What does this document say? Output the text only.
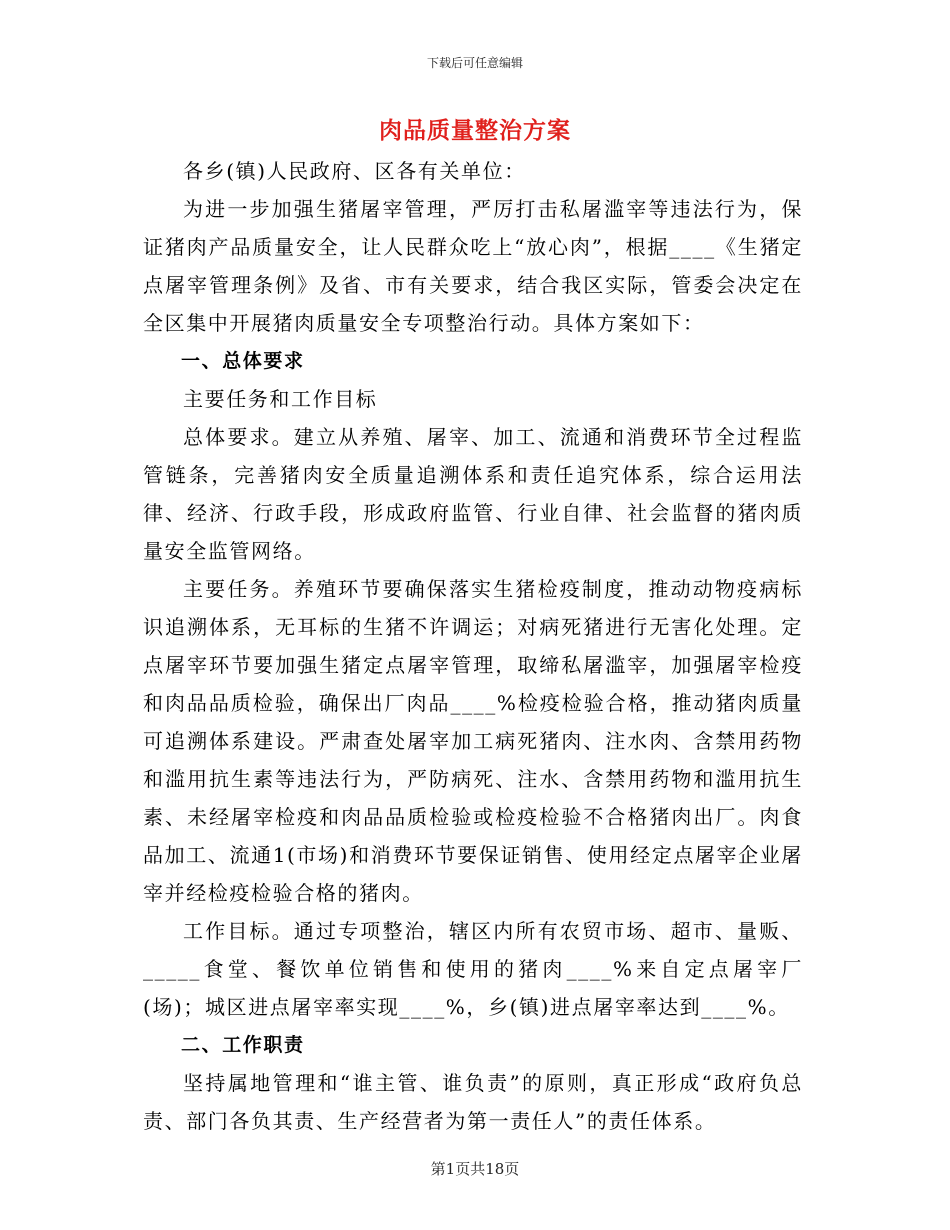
下载后可任意编辑
肉品质量整治方案

各乡(镇)人民政府、区各有关单位：

为进一步加强生猪屠宰管理，严厉打击私屠滥宰等违法行为，保证猪肉产品质量安全，让人民群众吃上“放心肉”，根据____《生猪定点屠宰管理条例》及省、市有关要求，结合我区实际，管委会决定在全区集中开展猪肉质量安全专项整治行动。具体方案如下：

一、总体要求

主要任务和工作目标

总体要求。建立从养殖、屠宰、加工、流通和消费环节全过程监管链条，完善猪肉安全质量追溯体系和责任追究体系，综合运用法律、经济、行政手段，形成政府监管、行业自律、社会监督的猪肉质量安全监管网络。

主要任务。养殖环节要确保落实生猪检疫制度，推动动物疫病标识追溯体系，无耳标的生猪不许调运；对病死猪进行无害化处理。定点屠宰环节要加强生猪定点屠宰管理，取缔私屠滥宰，加强屠宰检疫和肉品品质检验，确保出厂肉品____%检疫检验合格，推动猪肉质量可追溯体系建设。严肃查处屠宰加工病死猪肉、注水肉、含禁用药物和滥用抗生素等违法行为，严防病死、注水、含禁用药物和滥用抗生素、未经屠宰检疫和肉品品质检验或检疫检验不合格猪肉出厂。肉食品加工、流通1(市场)和消费环节要保证销售、使用经定点屠宰企业屠宰并经检疫检验合格的猪肉。

工作目标。通过专项整治，辖区内所有农贸市场、超市、量贩、_____食堂、餐饮单位销售和使用的猪肉____%来自定点屠宰厂(场)；城区进点屠宰率实现____%，乡(镇)进点屠宰率达到____%。

二、工作职责

坚持属地管理和“谁主管、谁负责”的原则，真正形成“政府负总责、部门各负其责、生产经营者为第一责任人”的责任体系。

第1页共18页
